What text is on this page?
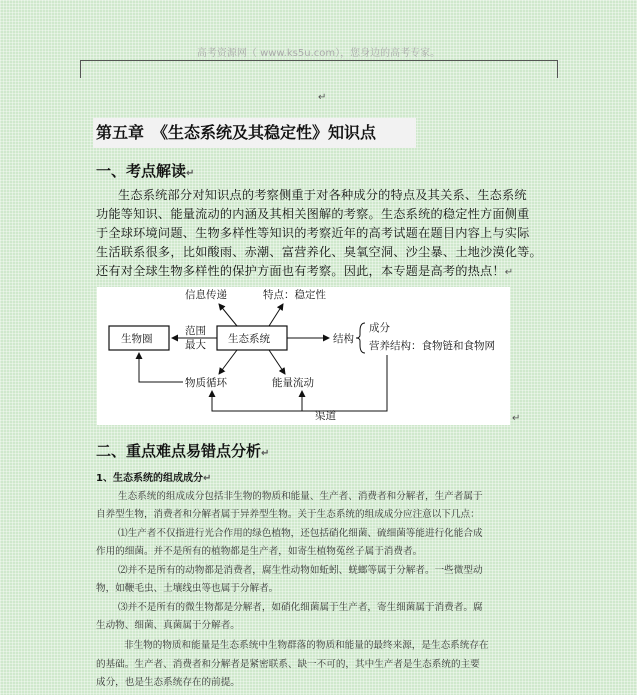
高考资源网（ www.ks5u.com），您身边的高考专家。
↵
第五章　《生态系统及其稳定性》知识点
一、考点解读↵
生态系统部分对知识点的考察侧重于对各种成分的特点及其关系、生态系统
功能等知识、能量流动的内涵及其相关图解的考察。生态系统的稳定性方面侧重
于全球环境问题、生物多样性等知识的考察近年的高考试题在题目内容上与实际
生活联系很多，比如酸雨、赤潮、富营养化、臭氧空洞、沙尘暴、土地沙漠化等。
还有对全球生物多样性的保护方面也有考察。因此，本专题是高考的热点！↵
信息传递	特点：稳定性
生物圈
范围
最大 生态系统	结构
成分
营养结构：食物链和食物网
物质循环	能量流动
渠道	↵
二、重点难点易错点分析↵
1、生态系统的组成成分↵
生态系统的组成成分包括非生物的物质和能量、生产者、消费者和分解者，生产者属于
自养型生物，消费者和分解者属于异养型生物。关于生态系统的组成成分应注意以下几点：
⑴生产者不仅指进行光合作用的绿色植物，还包括硝化细菌、硫细菌等能进行化能合成
作用的细菌。并不是所有的植物都是生产者，如寄生植物菟丝子属于消费者。
⑵并不是所有的动物都是消费者，腐生性动物如蚯蚓、蜣螂等属于分解者。一些微型动
物，如鞭毛虫、土壤线虫等也属于分解者。
⑶并不是所有的微生物都是分解者，如硝化细菌属于生产者，寄生细菌属于消费者。腐
生动物、细菌、真菌属于分解者。
非生物的物质和能量是生态系统中生物群落的物质和能量的最终来源，是生态系统存在
的基础。生产者、消费者和分解者是紧密联系、缺一不可的，其中生产者是生态系统的主要
成分，也是生态系统存在的前提。
